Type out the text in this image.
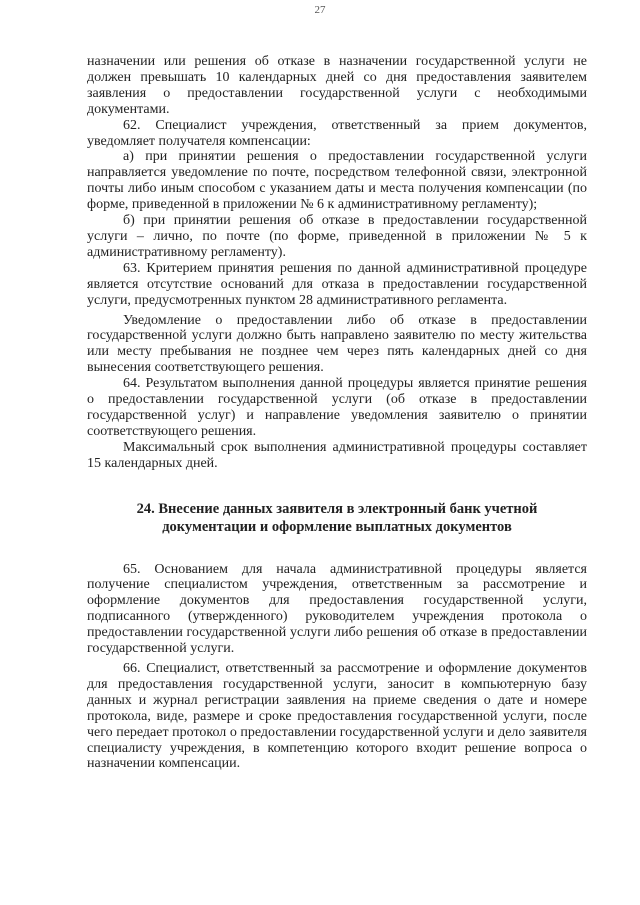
27

назначении или решения об отказе в назначении государственной услуги не должен превышать 10 календарных дней со дня предоставления заявителем заявления о предоставлении государственной услуги с необходимыми документами.

62. Специалист учреждения, ответственный за прием документов, уведомляет получателя компенсации:

а) при принятии решения о предоставлении государственной услуги направляется уведомление по почте, посредством телефонной связи, электронной почты либо иным способом с указанием даты и места получения компенсации (по форме, приведенной в приложении № 6 к административному регламенту);

б) при принятии решения об отказе в предоставлении государственной услуги – лично, по почте (по форме, приведенной в приложении № 5 к административному регламенту).

63. Критерием принятия решения по данной административной процедуре является отсутствие оснований для отказа в предоставлении государственной услуги, предусмотренных пунктом 28 административного регламента.

Уведомление о предоставлении либо об отказе в предоставлении государственной услуги должно быть направлено заявителю по месту жительства или месту пребывания не позднее чем через пять календарных дней со дня вынесения соответствующего решения.

64. Результатом выполнения данной процедуры является принятие решения о предоставлении государственной услуги (об отказе в предоставлении государственной услуг) и направление уведомления заявителю о принятии соответствующего решения.

Максимальный срок выполнения административной процедуры составляет 15 календарных дней.

24. Внесение данных заявителя в электронный банк учетной
документации и оформление выплатных документов

65. Основанием для начала административной процедуры является получение специалистом учреждения, ответственным за рассмотрение и оформление документов для предоставления государственной услуги, подписанного (утвержденного) руководителем учреждения протокола о предоставлении государственной услуги либо решения об отказе в предоставлении государственной услуги.

66. Специалист, ответственный за рассмотрение и оформление документов для предоставления государственной услуги, заносит в компьютерную базу данных и журнал регистрации заявления на приеме сведения о дате и номере протокола, виде, размере и сроке предоставления государственной услуги, после чего передает протокол о предоставлении государственной услуги и дело заявителя специалисту учреждения, в компетенцию которого входит решение вопроса о назначении компенсации.
